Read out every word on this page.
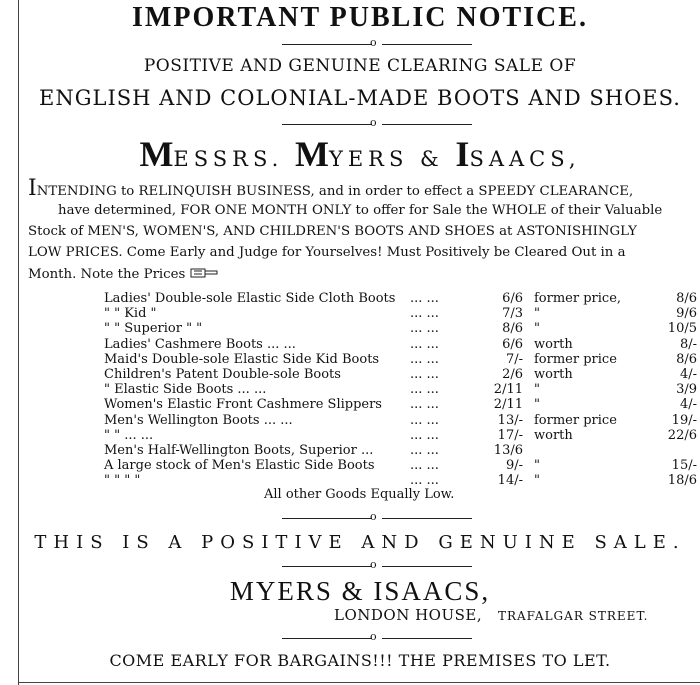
IMPORTANT PUBLIC NOTICE.
o
POSITIVE AND GENUINE CLEARING SALE OF
ENGLISH AND COLONIAL-MADE BOOTS AND SHOES.
o
MESSRS. MYERS & ISAACS,
INTENDING to RELINQUISH BUSINESS, and in order to effect a SPEEDY CLEARANCE,
have determined, FOR ONE MONTH ONLY to offer for Sale the WHOLE of their Valuable
Stock of MEN'S, WOMEN'S, AND CHILDREN'S BOOTS AND SHOES at ASTONISHINGLY
LOW PRICES. Come Early and Judge for Yourselves! Must Positively be Cleared Out in a
Month. Note the Prices
Ladies' Double-sole Elastic Side Cloth Boots ... ...	6/6 former price,	8/6
" " Kid "	... ...	7/3 "	9/6
" " Superior " "	... ...	8/6 "	10/5
Ladies' Cashmere Boots ... ...	... ...	6/6 worth	8/-
Maid's Double-sole Elastic Side Kid Boots ... ...	7/- former price	8/6
Children's Patent Double-sole Boots	... ...	2/6 worth	4/-
" Elastic Side Boots ... ...	... ...	2/11 "	3/9
Women's Elastic Front Cashmere Slippers ... ...	2/11 "	4/-
Men's Wellington Boots ... ...	... ...	13/- former price	19/-
" " ... ...	... ...	17/- worth	22/6
Men's Half-Wellington Boots, Superior ...	... ...	13/6
A large stock of Men's Elastic Side Boots	... ...	9/- "	15/-
" " " "	... ...	14/- "	18/6
All other Goods Equally Low.
o
THIS IS A POSITIVE AND GENUINE SALE.
o
MYERS & ISAACS,
LONDON HOUSE, TRAFALGAR STREET.
o
COME EARLY FOR BARGAINS!!! THE PREMISES TO LET.
